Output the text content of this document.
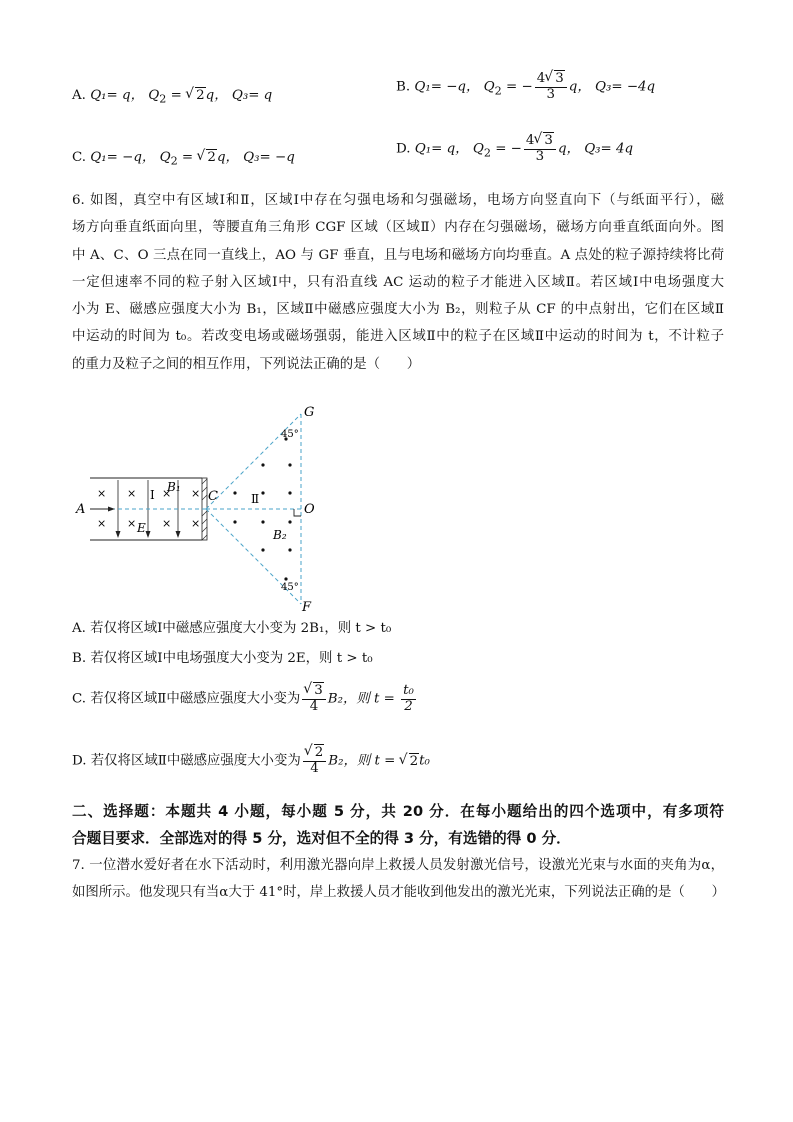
A. Q₁= q， $Q_2$ = √ 2q， Q₃= q
B. Q₁= −q， $Q_2$ = − $\frac{4 √ 3}{3}$ q， Q₃= −4q
C. Q₁= −q， $Q_2$ = √ 2q， Q₃= −q
D. Q₁= q， $Q_2$ = − $\frac{4 √ 3}{3}$ q， Q₃= 4q

6. 如图，真空中有区域Ⅰ和Ⅱ，区域Ⅰ中存在匀强电场和匀强磁场，电场方向竖直向下（与纸面平行），磁

场方向垂直纸面向里，等腰直角三角形 CGF 区域（区域Ⅱ）内存在匀强磁场，磁场方向垂直纸面向外。图

中 A、C、O 三点在同一直线上，AO 与 GF 垂直，且与电场和磁场方向均垂直。A 点处的粒子源持续将比荷

一定但速率不同的粒子射入区域Ⅰ中，只有沿直线 AC 运动的粒子才能进入区域Ⅱ。若区域Ⅰ中电场强度大

小为 E、磁感应强度大小为 B₁，区域Ⅱ中磁感应强度大小为 B₂，则粒子从 CF 的中点射出，它们在区域Ⅱ

中运动的时间为 t₀。若改变电场或磁场强弱，能进入区域Ⅱ中的粒子在区域Ⅱ中运动的时间为 t，不计粒子

的重力及粒子之间的相互作用，下列说法正确的是（　　）

× × × ×
× × × ×
G
F
O
C
A
Ⅰ	Ⅱ
E
B₁
B₂
45°
45°
A. 若仅将区域Ⅰ中磁感应强度大小变为 2B₁，则 t > t₀
B. 若仅将区域Ⅰ中电场强度大小变为 2E，则 t > t₀
C. 若仅将区域Ⅱ中磁感应强度大小变为 √ $\frac{3}{4} B_2$，则 $t = \frac{\text{t₀}}{2}$
D. 若仅将区域Ⅱ中磁感应强度大小变为 √ $\frac{2}{4} B_2$，则 t = √ 2t₀

二、选择题：本题共 4 小题，每小题 5 分，共 20 分．在每小题给出的四个选项中，有多项符

合题目要求．全部选对的得 5 分，选对但不全的得 3 分，有选错的得 0 分．

7. 一位潜水爱好者在水下活动时，利用激光器向岸上救援人员发射激光信号，设激光光束与水面的夹角为α，

如图所示。他发现只有当α大于 41°时，岸上救援人员才能收到他发出的激光光束，下列说法正确的是（　　）
